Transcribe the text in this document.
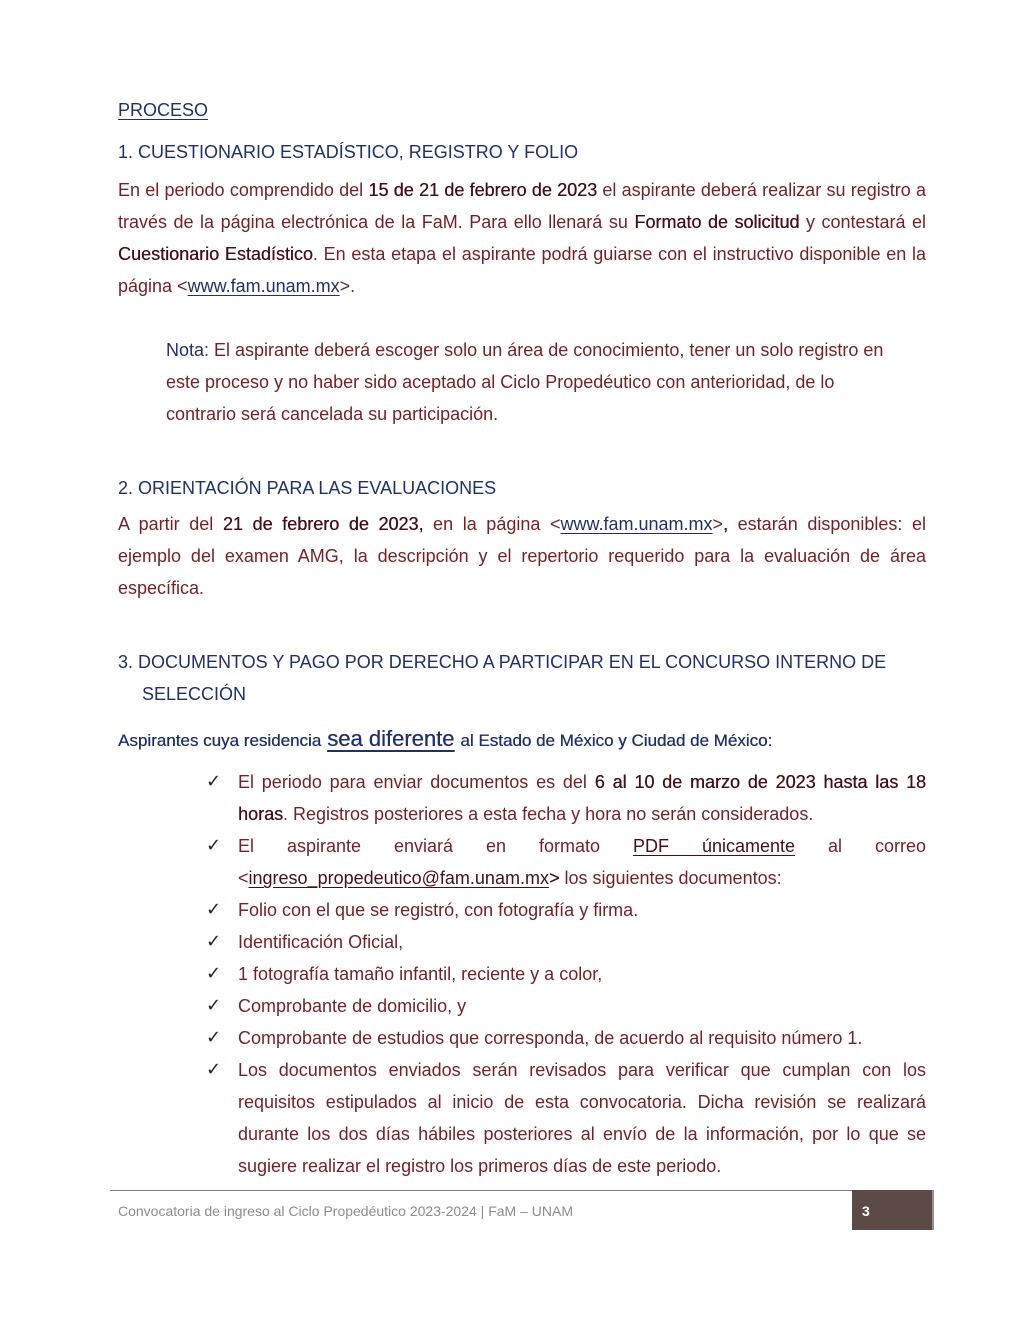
PROCESO
1. CUESTIONARIO ESTADÍSTICO, REGISTRO Y FOLIO
En el periodo comprendido del 15 de 21 de febrero de 2023 el aspirante deberá realizar su registro a través de la página electrónica de la FaM. Para ello llenará su Formato de solicitud y contestará el Cuestionario Estadístico. En esta etapa el aspirante podrá guiarse con el instructivo disponible en la página <www.fam.unam.mx>.
Nota: El aspirante deberá escoger solo un área de conocimiento, tener un solo registro en este proceso y no haber sido aceptado al Ciclo Propedéutico con anterioridad, de lo contrario será cancelada su participación.
2. ORIENTACIÓN PARA LAS EVALUACIONES
A partir del 21 de febrero de 2023, en la página <www.fam.unam.mx>, estarán disponibles: el ejemplo del examen AMG, la descripción y el repertorio requerido para la evaluación de área específica.
3. DOCUMENTOS Y PAGO POR DERECHO A PARTICIPAR EN EL CONCURSO INTERNO DE
SELECCIÓN
Aspirantes cuya residencia sea diferente al Estado de México y Ciudad de México:
✓ El periodo para enviar documentos es del 6 al 10 de marzo de 2023 hasta las 18 horas. Registros posteriores a esta fecha y hora no serán considerados.
✓ El aspirante enviará en formato PDF únicamente al correo
<ingreso_propedeutico@fam.unam.mx> los siguientes documentos:
✓ Folio con el que se registró, con fotografía y firma.
✓ Identificación Oficial,
✓ 1 fotografía tamaño infantil, reciente y a color,
✓ Comprobante de domicilio, y
✓ Comprobante de estudios que corresponda, de acuerdo al requisito número 1.
✓ Los documentos enviados serán revisados para verificar que cumplan con los requisitos estipulados al inicio de esta convocatoria. Dicha revisión se realizará durante los dos días hábiles posteriores al envío de la información, por lo que se sugiere realizar el registro los primeros días de este periodo.
Convocatoria de ingreso al Ciclo Propedéutico 2023-2024 | FaM – UNAM	3
